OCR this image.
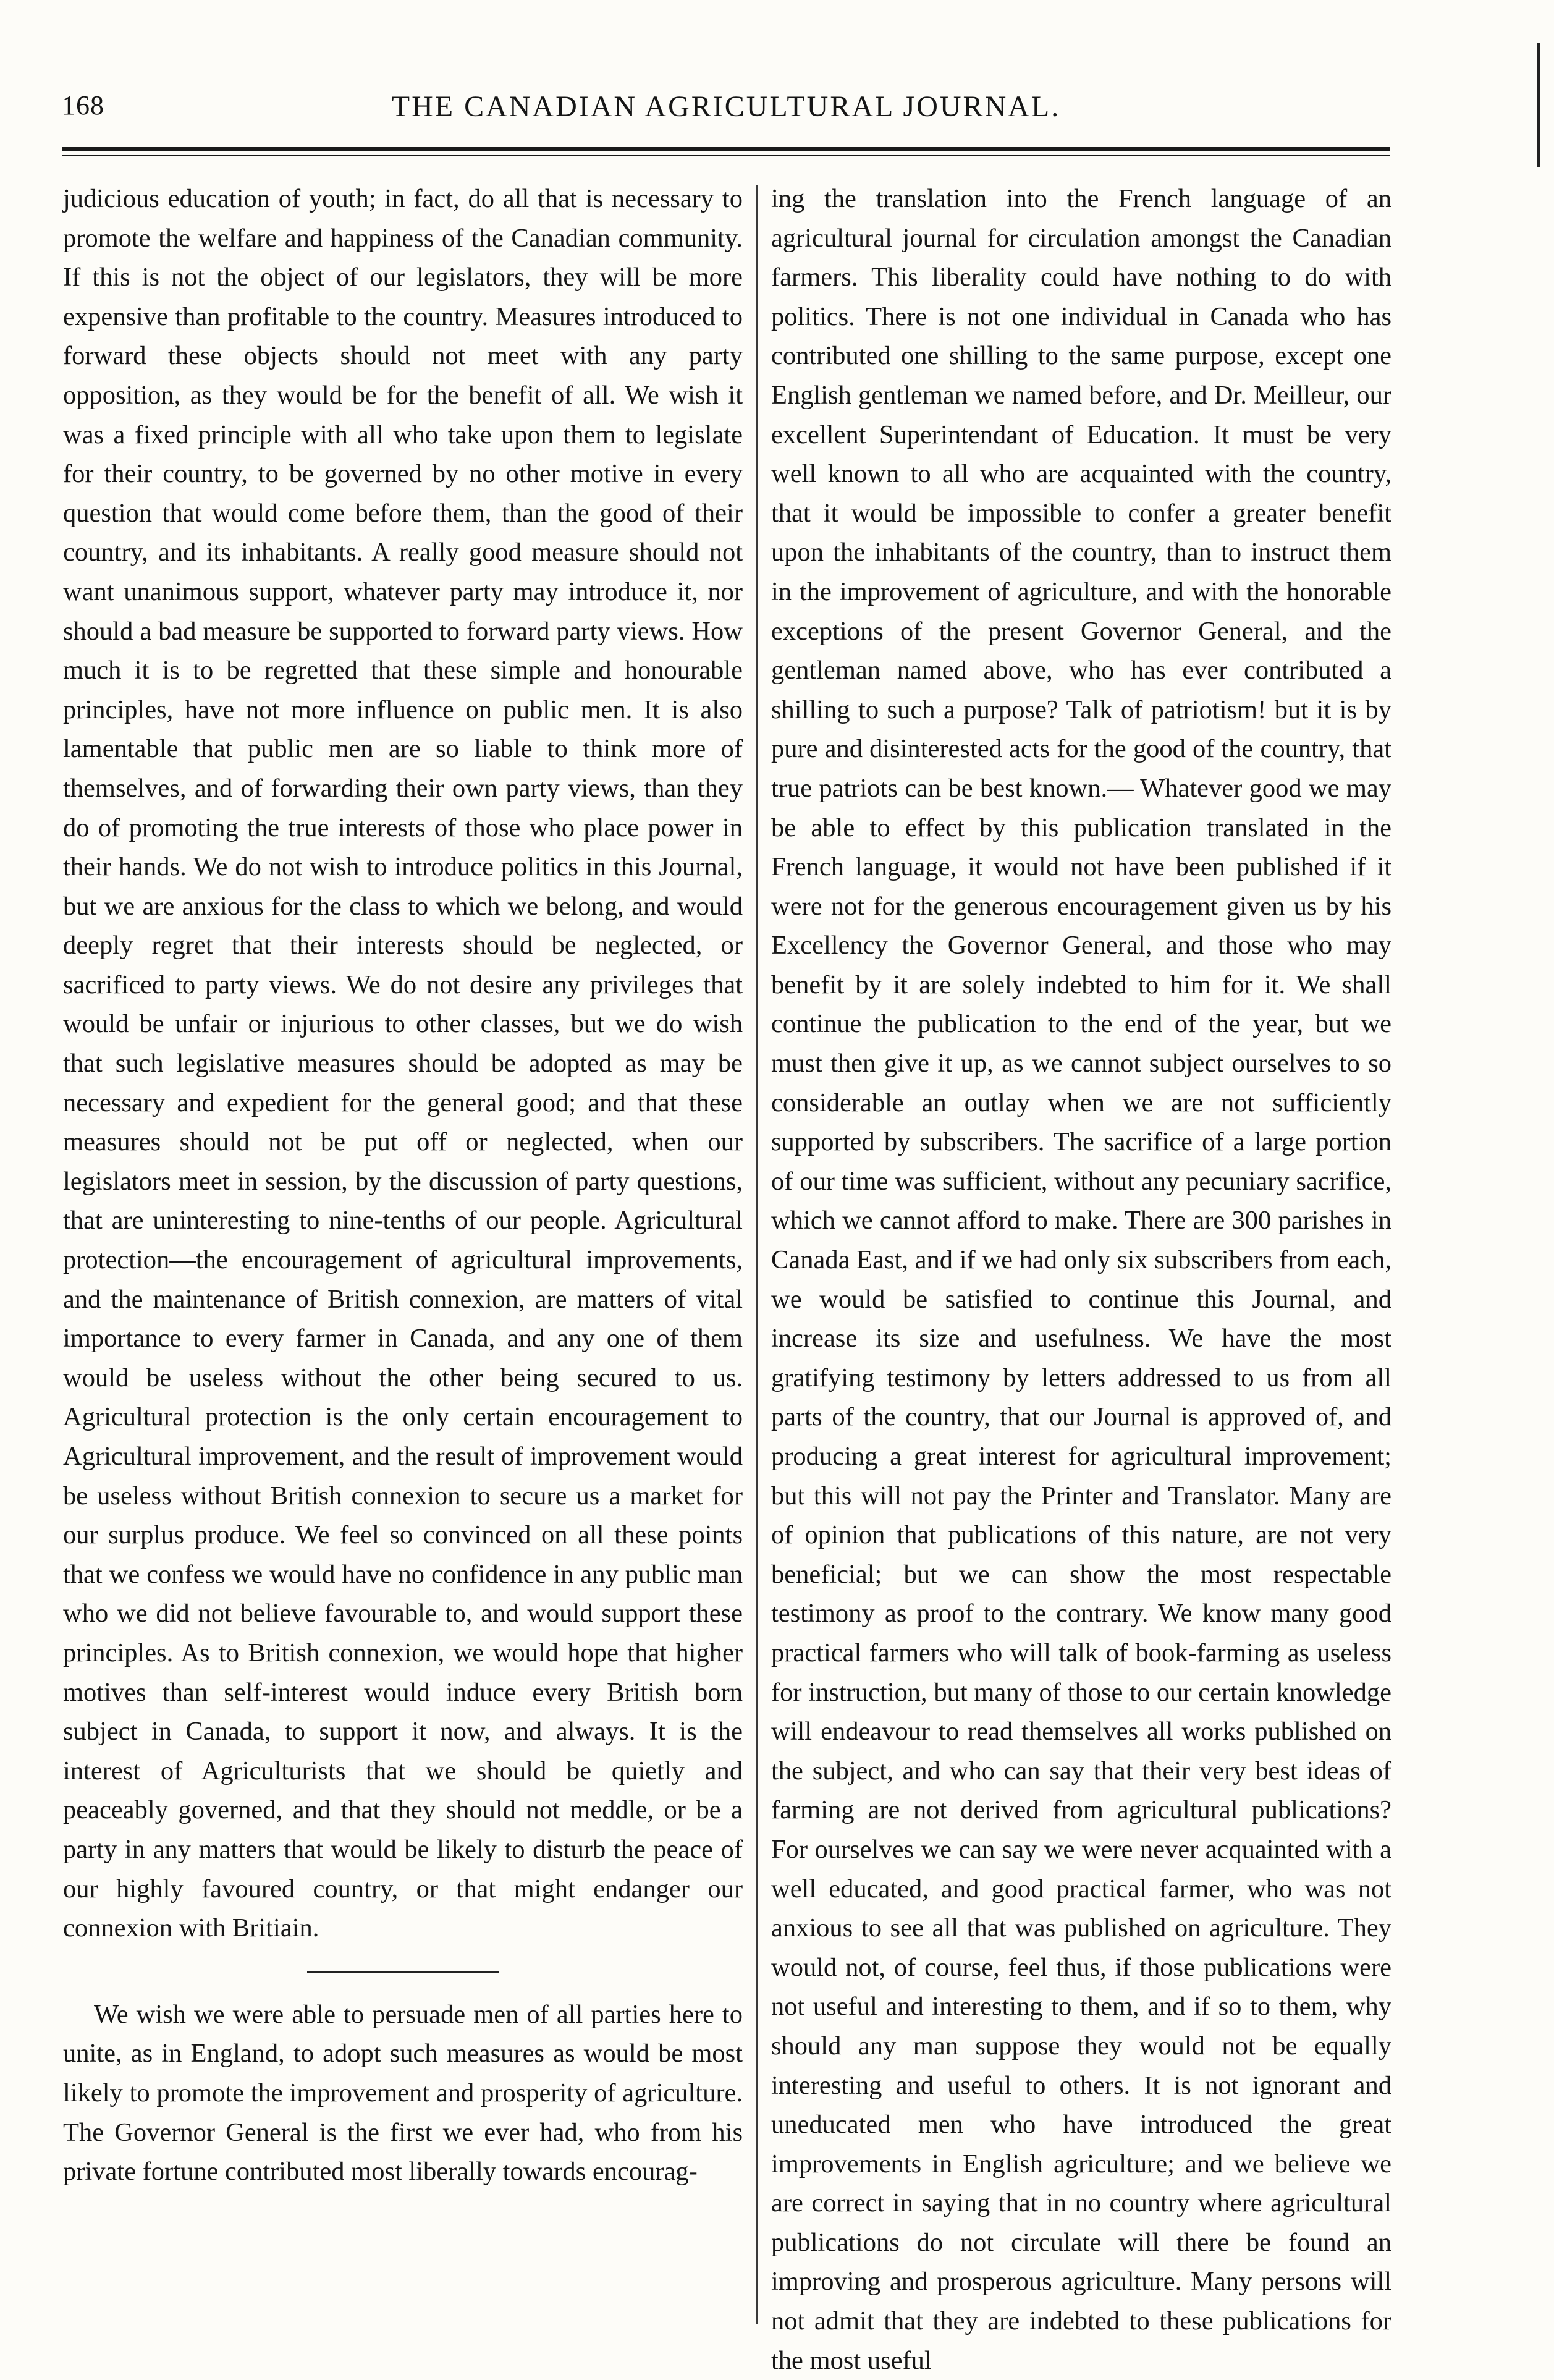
168	THE CANADIAN AGRICULTURAL JOURNAL.

judicious education of youth; in fact, do all that is necessary to promote the welfare and happiness of the Canadian community. If this is not the object of our legislators, they will be more expensive than profitable to the country. Measures introduced to forward these objects should not meet with any party opposition, as they would be for the benefit of all. We wish it was a fixed principle with all who take upon them to legislate for their country, to be governed by no other motive in every question that would come before them, than the good of their country, and its inhabitants. A really good measure should not want unanimous support, whatever party may introduce it, nor should a bad measure be supported to forward party views. How much it is to be regretted that these simple and honourable principles, have not more influence on public men. It is also lamentable that public men are so liable to think more of themselves, and of forwarding their own party views, than they do of promoting the true interests of those who place power in their hands. We do not wish to introduce politics in this Journal, but we are anxious for the class to which we belong, and would deeply regret that their interests should be neglected, or sacrificed to party views. We do not desire any privileges that would be unfair or injurious to other classes, but we do wish that such legislative measures should be adopted as may be necessary and expedient for the general good; and that these measures should not be put off or neglected, when our legislators meet in session, by the discussion of party questions, that are uninteresting to nine-tenths of our people. Agricultural protection—the encouragement of agricultural improvements, and the maintenance of British connexion, are matters of vital importance to every farmer in Canada, and any one of them would be useless without the other being secured to us. Agricultural protection is the only certain encouragement to Agricultural improvement, and the result of improvement would be useless without British connexion to secure us a market for our surplus produce. We feel so convinced on all these points that we confess we would have no confidence in any public man who we did not believe favourable to, and would support these principles. As to British connexion, we would hope that higher motives than self-interest would induce every British born subject in Canada, to support it now, and always. It is the interest of Agriculturists that we should be quietly and peaceably governed, and that they should not meddle, or be a party in any matters that would be likely to disturb the peace of our highly favoured country, or that might endanger our connexion with Britiain.

We wish we were able to persuade men of all parties here to unite, as in England, to adopt such measures as would be most likely to promote the improvement and prosperity of agriculture. The Governor General is the first we ever had, who from his private fortune contributed most liberally towards encourag-

ing the translation into the French language of an agricultural journal for circulation amongst the Canadian farmers. This liberality could have nothing to do with politics. There is not one individual in Canada who has contributed one shilling to the same purpose, except one English gentleman we named before, and Dr. Meilleur, our excellent Superintendant of Education. It must be very well known to all who are acquainted with the country, that it would be impossible to confer a greater benefit upon the inhabitants of the country, than to instruct them in the improvement of agriculture, and with the honorable exceptions of the present Governor General, and the gentleman named above, who has ever contributed a shilling to such a purpose? Talk of patriotism! but it is by pure and disinterested acts for the good of the country, that true patriots can be best known.— Whatever good we may be able to effect by this publication translated in the French language, it would not have been published if it were not for the generous encouragement given us by his Excellency the Governor General, and those who may benefit by it are solely indebted to him for it. We shall continue the publication to the end of the year, but we must then give it up, as we cannot subject ourselves to so considerable an outlay when we are not sufficiently supported by subscribers. The sacrifice of a large portion of our time was sufficient, without any pecuniary sacrifice, which we cannot afford to make. There are 300 parishes in Canada East, and if we had only six subscribers from each, we would be satisfied to continue this Journal, and increase its size and usefulness. We have the most gratifying testimony by letters addressed to us from all parts of the country, that our Journal is approved of, and producing a great interest for agricultural improvement; but this will not pay the Printer and Translator. Many are of opinion that publications of this nature, are not very beneficial; but we can show the most respectable testimony as proof to the contrary. We know many good practical farmers who will talk of book-farming as useless for instruction, but many of those to our certain knowledge will endeavour to read themselves all works published on the subject, and who can say that their very best ideas of farming are not derived from agricultural publications? For ourselves we can say we were never acquainted with a well educated, and good practical farmer, who was not anxious to see all that was published on agriculture. They would not, of course, feel thus, if those publications were not useful and interesting to them, and if so to them, why should any man suppose they would not be equally interesting and useful to others. It is not ignorant and uneducated men who have introduced the great improvements in English agriculture; and we believe we are correct in saying that in no country where agricultural publications do not circulate will there be found an improving and prosperous agriculture. Many persons will not admit that they are indebted to these publications for the most useful
